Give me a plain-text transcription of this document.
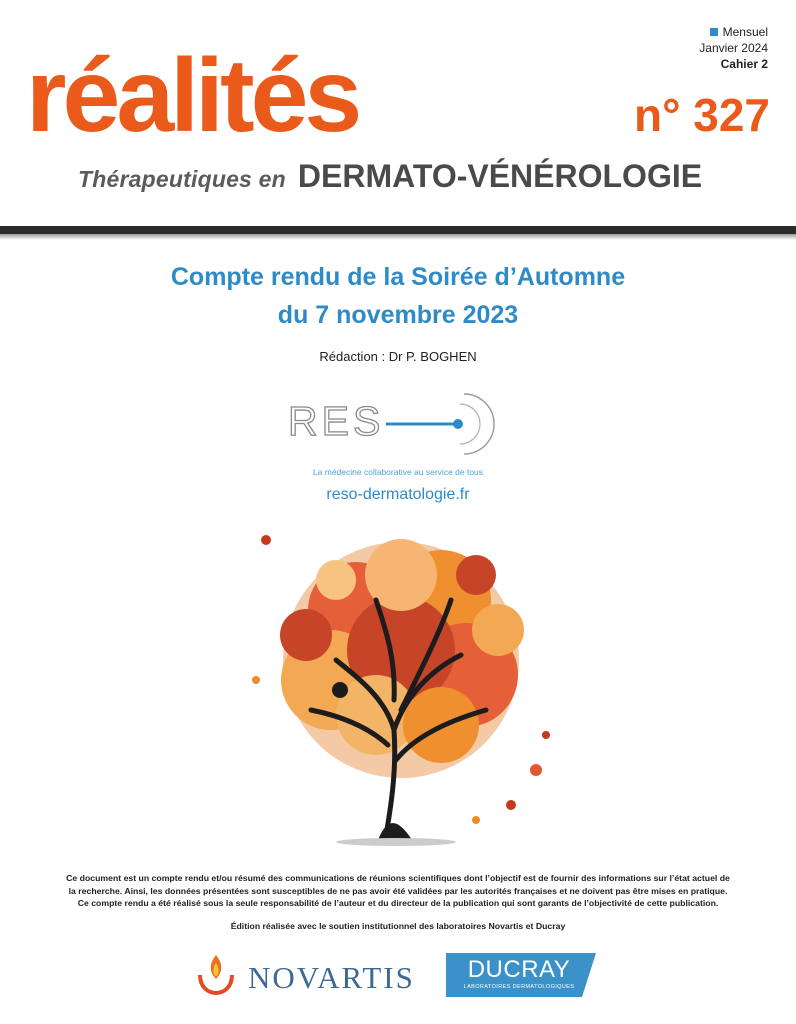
réalités
Mensuel
Janvier 2024
Cahier 2
n° 327
Thérapeutiques en DERMATO-VÉNÉROLOGIE
Compte rendu de la Soirée d’Automne
du 7 novembre 2023
Rédaction : Dr P. BOGHEN
RES
La médecine collaborative au service de tous
reso-dermatologie.fr
Ce document est un compte rendu et/ou résumé des communications de réunions scientifiques dont l’objectif est de fournir des informations sur l’état actuel de
la recherche. Ainsi, les données présentées sont susceptibles de ne pas avoir été validées par les autorités françaises et ne doivent pas être mises en pratique.
Ce compte rendu a été réalisé sous la seule responsabilité de l’auteur et du directeur de la publication qui sont garants de l’objectivité de cette publication.
Édition réalisée avec le soutien institutionnel des laboratoires Novartis et Ducray
NOVARTIS	DUCRAY
LABORATOIRES DERMATOLOGIQUES
